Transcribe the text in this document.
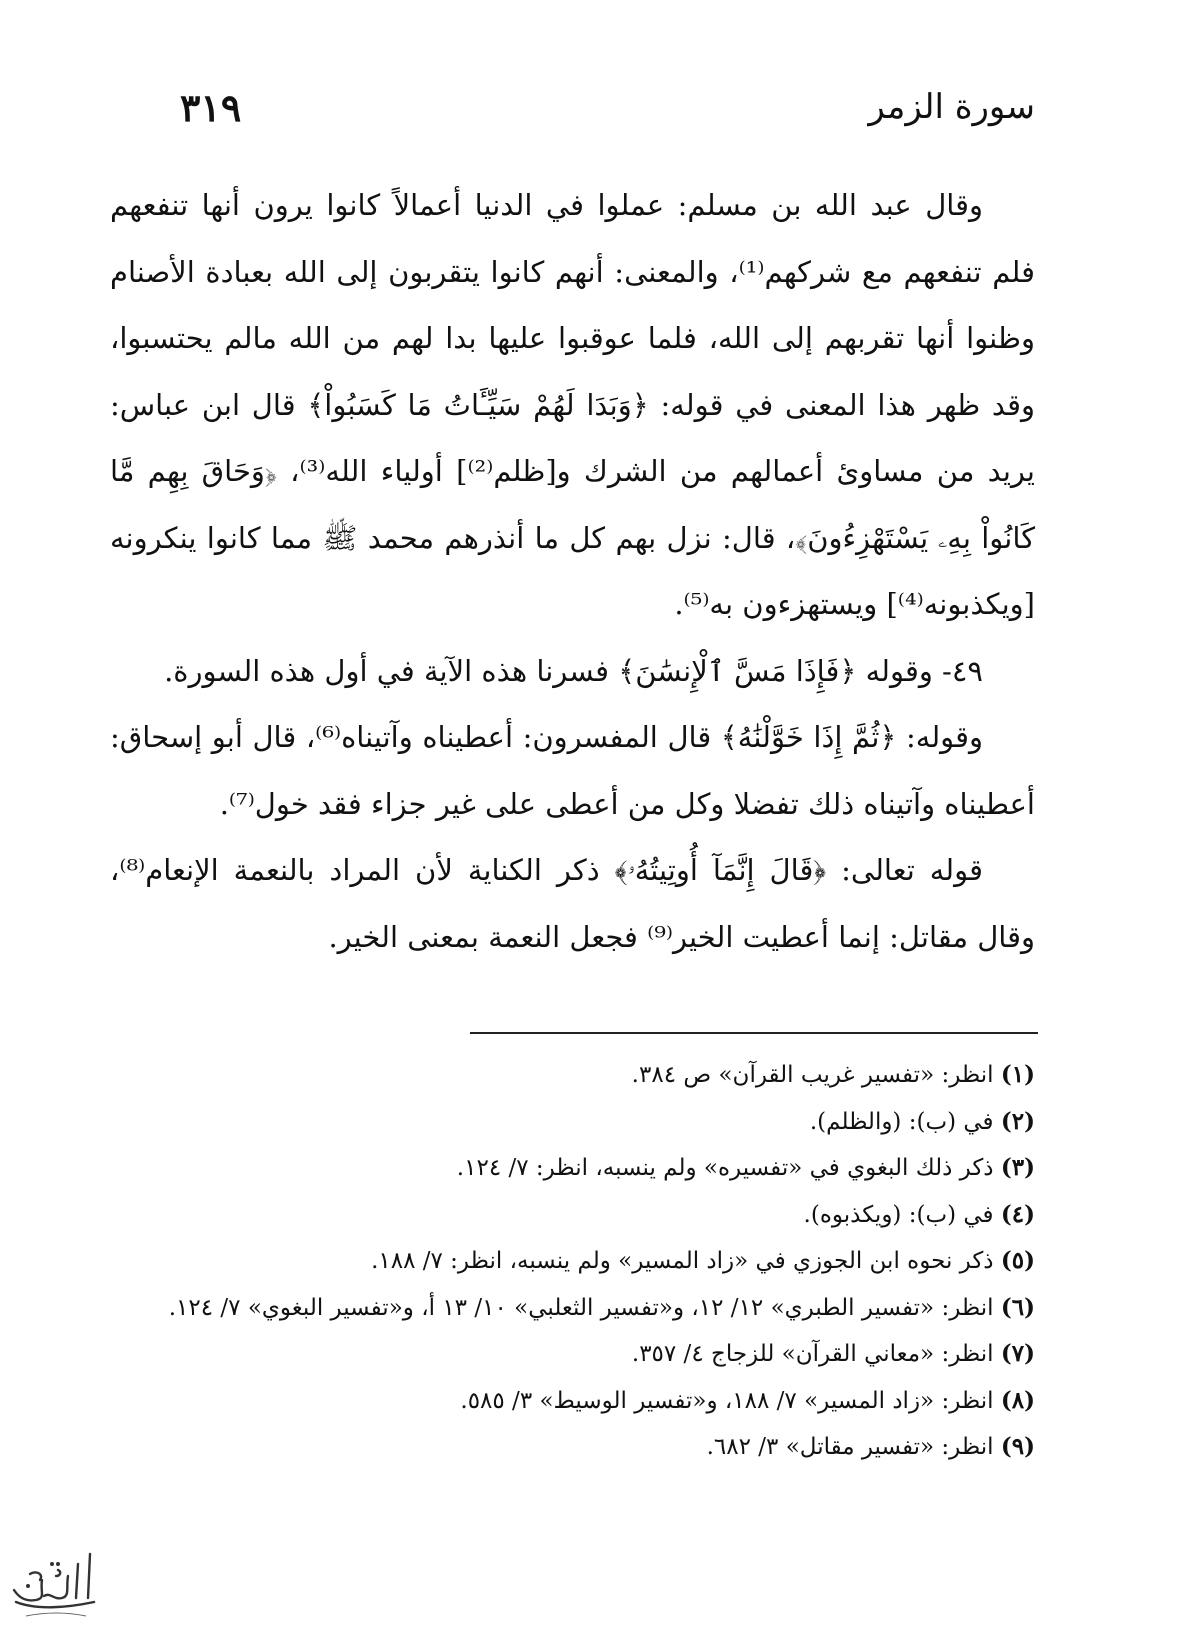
سورة الزمر
٣١٩

وقال عبد الله بن مسلم: عملوا في الدنيا أعمالاً كانوا يرون أنها تنفعهم فلم تنفعهم مع شركهم⁽¹⁾، والمعنى: أنهم كانوا يتقربون إلى الله بعبادة الأصنام وظنوا أنها تقربهم إلى الله، فلما عوقبوا عليها بدا لهم من الله مالم يحتسبوا، وقد ظهر هذا المعنى في قوله: ﴿وَبَدَا لَهُمْ سَيِّـَٔاتُ مَا كَسَبُواْ﴾ قال ابن عباس: يريد من مساوئ أعمالهم من الشرك و[ظلم⁽²⁾] أولياء الله⁽³⁾، ﴿وَحَاقَ بِهِم مَّا كَانُواْ بِهِۦ يَسْتَهْزِءُونَ﴾، قال: نزل بهم كل ما أنذرهم محمد ﷺ مما كانوا ينكرونه [ويكذبونه⁽⁴⁾] ويستهزءون به⁽⁵⁾.

٤٩- وقوله ﴿فَإِذَا مَسَّ ٱلْإِنسَٰنَ﴾ فسرنا هذه الآية في أول هذه السورة.

وقوله: ﴿ثُمَّ إِذَا خَوَّلْنَٰهُ﴾ قال المفسرون: أعطيناه وآتيناه⁽⁶⁾، قال أبو إسحاق: أعطيناه وآتيناه ذلك تفضلا وكل من أعطى على غير جزاء فقد خول⁽⁷⁾.

قوله تعالى: ﴿قَالَ إِنَّمَآ أُوتِيتُهُۥ﴾ ذكر الكناية لأن المراد بالنعمة الإنعام⁽⁸⁾، وقال مقاتل: إنما أعطيت الخير⁽⁹⁾ فجعل النعمة بمعنى الخير.

(١) انظر: «تفسير غريب القرآن» ص ٣٨٤.

(٢) في (ب): (والظلم).

(٣) ذكر ذلك البغوي في «تفسيره» ولم ينسبه، انظر: ٧/ ١٢٤.

(٤) في (ب): (ويكذبوه).

(٥) ذكر نحوه ابن الجوزي في «زاد المسير» ولم ينسبه، انظر: ٧/ ١٨٨.

(٦) انظر: «تفسير الطبري» ١٢/ ١٢، و«تفسير الثعلبي» ١٠/ ١٣ أ، و«تفسير البغوي» ٧/ ١٢٤.

(٧) انظر: «معاني القرآن» للزجاج ٤/ ٣٥٧.

(٨) انظر: «زاد المسير» ٧/ ١٨٨، و«تفسير الوسيط» ٣/ ٥٨٥.

(٩) انظر: «تفسير مقاتل» ٣/ ٦٨٢.
